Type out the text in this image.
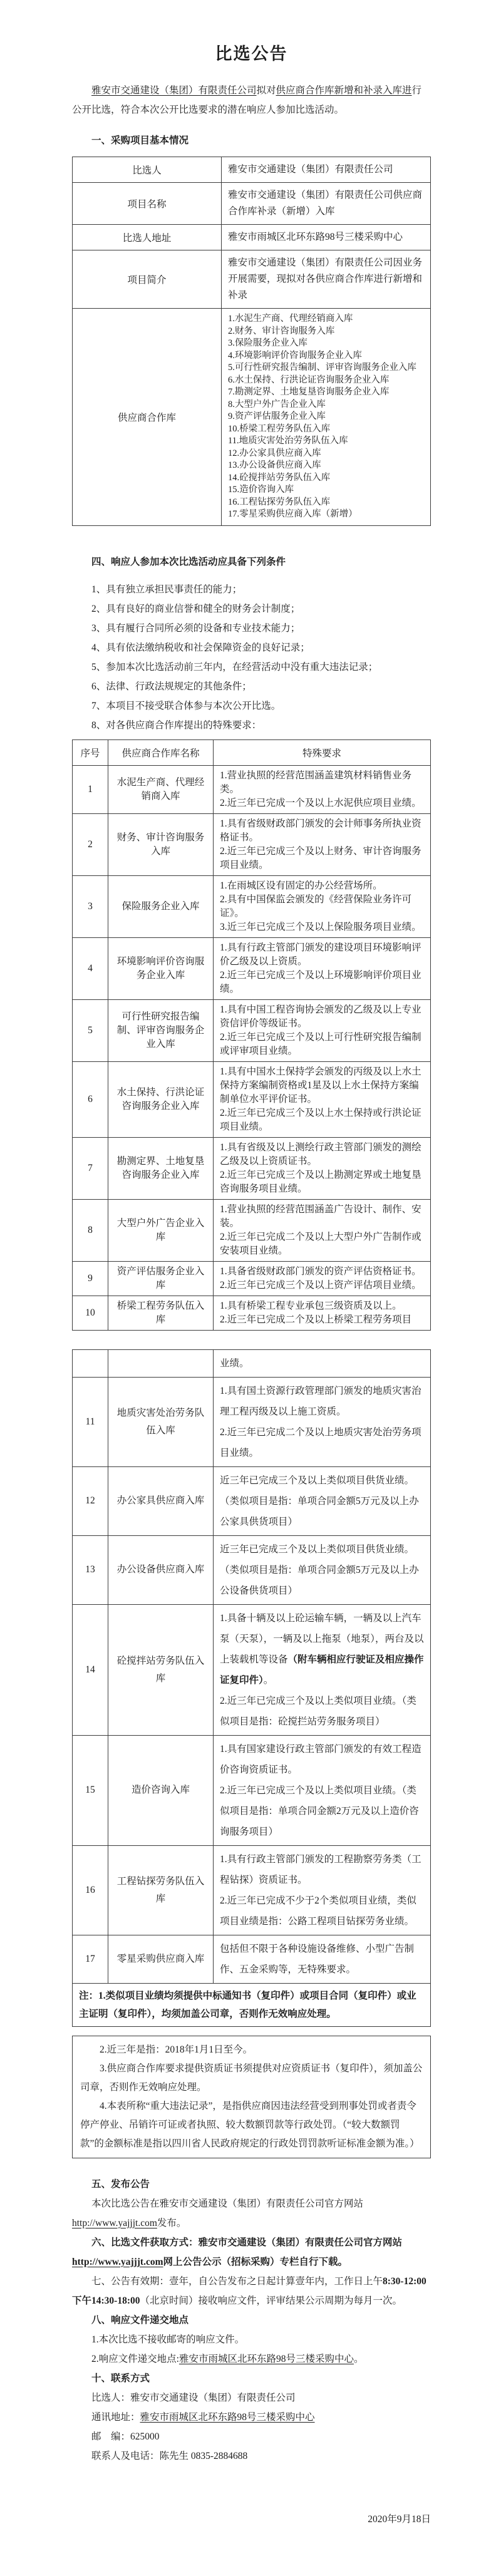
比选公告

雅安市交通建设（集团）有限责任公司拟对供应商合作库新增和补录入库进行公开比选，符合本次公开比选要求的潜在响应人参加比选活动。

一、采购项目基本情况

比选人	雅安市交通建设（集团）有限责任公司
项目名称	雅安市交通建设（集团）有限责任公司供应商合作库补录（新增）入库
比选人地址	雅安市雨城区北环东路98号三楼采购中心
项目简介	雅安市交通建设（集团）有限责任公司因业务开展需要，现拟对各供应商合作库进行新增和补录
供应商合作库	
1.水泥生产商、代理经销商入库
2.财务、审计咨询服务入库
3.保险服务企业入库
4.环境影响评价咨询服务企业入库
5.可行性研究报告编制、评审咨询服务企业入库
6.水土保持、行洪论证咨询服务企业入库
7.勘测定界、土地复垦咨询服务企业入库
8.大型户外广告企业入库
9.资产评估服务企业入库
10.桥梁工程劳务队伍入库
11.地质灾害处治劳务队伍入库
12.办公家具供应商入库
13.办公设备供应商入库
14.砼搅拌站劳务队伍入库
15.造价咨询入库
16.工程钻探劳务队伍入库
17.零星采购供应商入库（新增）

四、响应人参加本次比选活动应具备下列条件

1、具有独立承担民事责任的能力；
2、具有良好的商业信誉和健全的财务会计制度；
3、具有履行合同所必须的设备和专业技术能力；
4、具有依法缴纳税收和社会保障资金的良好记录；
5、参加本次比选活动前三年内，在经营活动中没有重大违法记录；
6、法律、行政法规规定的其他条件；
7、本项目不接受联合体参与本次公开比选。
8、对各供应商合作库提出的特殊要求：
序号	供应商合作库名称	特殊要求
1	水泥生产商、代理经销商入库	1.营业执照的经营范围涵盖建筑材料销售业务类。

2.近三年已完成一个及以上水泥供应项目业绩。

2	财务、审计咨询服务入库	1.具有省级财政部门颁发的会计师事务所执业资格证书。

2.近三年已完成三个及以上财务、审计咨询服务项目业绩。

3	保险服务企业入库	1.在雨城区设有固定的办公经营场所。

2.具有中国保监会颁发的《经营保险业务许可证》。

3.近三年已完成三个及以上保险服务项目业绩。

4	环境影响评价咨询服务企业入库	1.具有行政主管部门颁发的建设项目环境影响评价乙级及以上资质。

2.近三年已完成三个及以上环境影响评价项目业绩。

5	可行性研究报告编制、评审咨询服务企业入库	1.具有中国工程咨询协会颁发的乙级及以上专业资信评价等级证书。

2.近三年已完成三个及以上可行性研究报告编制或评审项目业绩。

6	水土保持、行洪论证咨询服务企业入库	1.具有中国水土保持学会颁发的丙级及以上水土保持方案编制资格或1星及以上水土保持方案编制单位水平评价证书。

2.近三年已完成三个及以上水土保持或行洪论证项目业绩。

7	勘测定界、土地复垦咨询服务企业入库	1.具有省级及以上测绘行政主管部门颁发的测绘乙级及以上资质证书。

2.近三年已完成三个及以上勘测定界或土地复垦咨询服务项目业绩。

8	大型户外广告企业入库	1.营业执照的经营范围涵盖广告设计、制作、安装。

2.近三年已完成二个及以上大型户外广告制作或安装项目业绩。

9	资产评估服务企业入库	1.具备省级财政部门颁发的资产评估资格证书。

2.近三年已完成三个及以上资产评估项目业绩。

10	桥梁工程劳务队伍入库	1.具有桥梁工程专业承包三级资质及以上。

2.近三年已完成二个及以上桥梁工程劳务项目

		业绩。

11	地质灾害处治劳务队伍入库	1.具有国土资源行政管理部门颁发的地质灾害治理工程丙级及以上施工资质。

2.近三年已完成二个及以上地质灾害处治劳务项目业绩。

12	办公家具供应商入库	近三年已完成三个及以上类似项目供货业绩。（类似项目是指：单项合同金额5万元及以上办公家具供货项目）

13	办公设备供应商入库	近三年已完成三个及以上类似项目供货业绩。（类似项目是指：单项合同金额5万元及以上办公设备供货项目）

14	砼搅拌站劳务队伍入库	1.具备十辆及以上砼运输车辆，一辆及以上汽车泵（天泵），一辆及以上拖泵（地泵），两台及以上装载机等设备（附车辆相应行驶证及相应操作证复印件）。

2.近三年已完成三个及以上类似项目业绩。（类似项目是指：砼搅拦站劳务服务项目）

15	造价咨询入库	1.具有国家建设行政主管部门颁发的有效工程造价咨询资质证书。

2.近三年已完成三个及以上类似项目业绩。（类似项目是指：单项合同金额2万元及以上造价咨询服务项目）

16	工程钻探劳务队伍入库	1.具有行政主管部门颁发的工程勘察劳务类（工程钻探）资质证书。

2.近三年已完成不少于2个类似项目业绩，类似项目业绩是指：公路工程项目钻探劳务业绩。

17	零星采购供应商入库	包括但不限于各种设施设备维修、小型广告制作、五金采购等，无特殊要求。

注：1.类似项目业绩均须提供中标通知书（复印件）或项目合同（复印件）或业主证明（复印件），均须加盖公司章，否则作无效响应处理。		

2.近三年是指：2018年1月1日至今。

3.供应商合作库要求提供资质证书须提供对应资质证书（复印件），须加盖公司章，否则作无效响应处理。

4.本表所称“重大违法记录”，是指供应商因违法经营受到刑事处罚或者责令停产停业、吊销许可证或者执照、较大数额罚款等行政处罚。（“较大数额罚款”的金额标准是指以四川省人民政府规定的行政处罚罚款听证标准金额为准。）

五、发布公告

本次比选公告在雅安市交通建设（集团）有限责任公司官方网站http://www.yajjjt.com发布。

六、比选文件获取方式：雅安市交通建设（集团）有限责任公司官方网站http://www.yajjjt.com网上公告公示（招标采购）专栏自行下载。

七、公告有效期：壹年，自公告发布之日起计算壹年内，工作日上午8:30-12:00 下午14:30-18:00（北京时间）接收响应文件，评审结果公示周期为每月一次。

八、响应文件递交地点

1.本次比选不接收邮寄的响应文件。

2.响应文件递交地点:雅安市雨城区北环东路98号三楼采购中心。

十、联系方式

比选人：雅安市交通建设（集团）有限责任公司

通讯地址：雅安市雨城区北环东路98号三楼采购中心

邮　编：625000

联系人及电话：陈先生 0835-2884688

2020年9月18日
